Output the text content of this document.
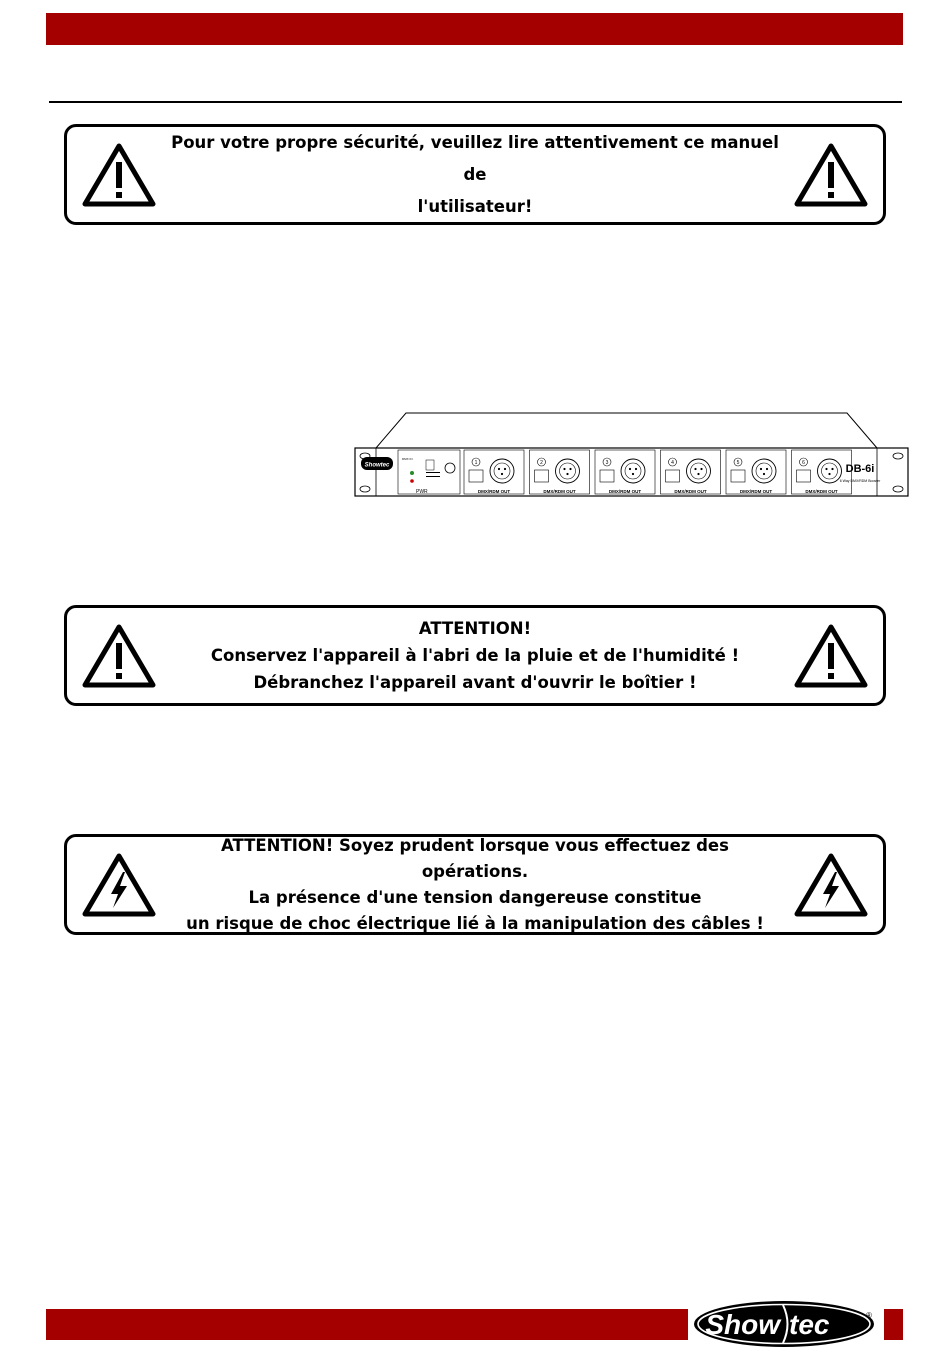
Pour votre propre sécurité, veuillez lire attentivement ce manuel de
l'utilisateur!
Showtec
PWR
DMX IN
1
DMX/RDM OUT
2
DMX/RDM OUT
3
DMX/RDM OUT
4
DMX/RDM OUT
5
DMX/RDM OUT
6
DMX/RDM OUT
DB-6i
6 Way DMX/RDM Booster
ATTENTION!
Conservez l'appareil à l'abri de la pluie et de l'humidité !
Débranchez l'appareil avant d'ouvrir le boîtier !
ATTENTION! Soyez prudent lorsque vous effectuez des opérations.
La présence d'une tension dangereuse constitue
un risque de choc électrique lié à la manipulation des câbles !
Show tec	®
